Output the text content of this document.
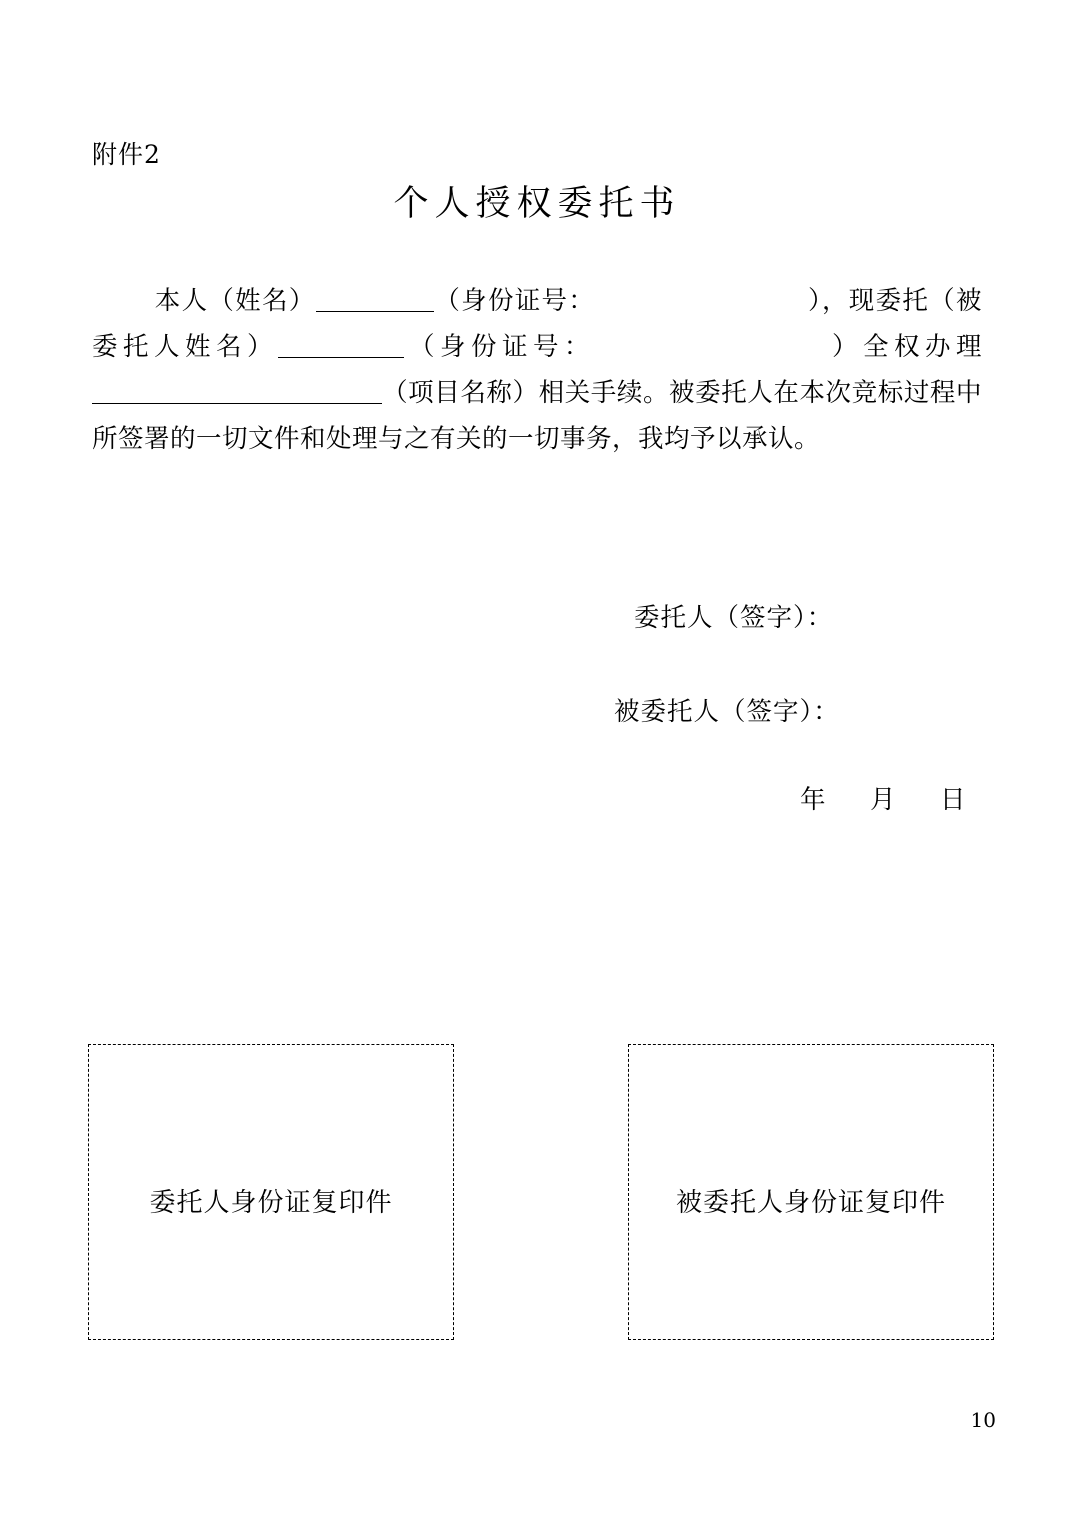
附件2
个人授权委托书
本人（姓名）	（身份证号：	），现委托（被委托人姓名）	（身份证号：	）全权办理（项目名称）相关手续。被委托人在本次竞标过程中所签署的一切文件和处理与之有关的一切事务，我均予以承认。
委托人（签字）：
被委托人（签字）：
年 月 日
委托人身份证复印件	被委托人身份证复印件
10
